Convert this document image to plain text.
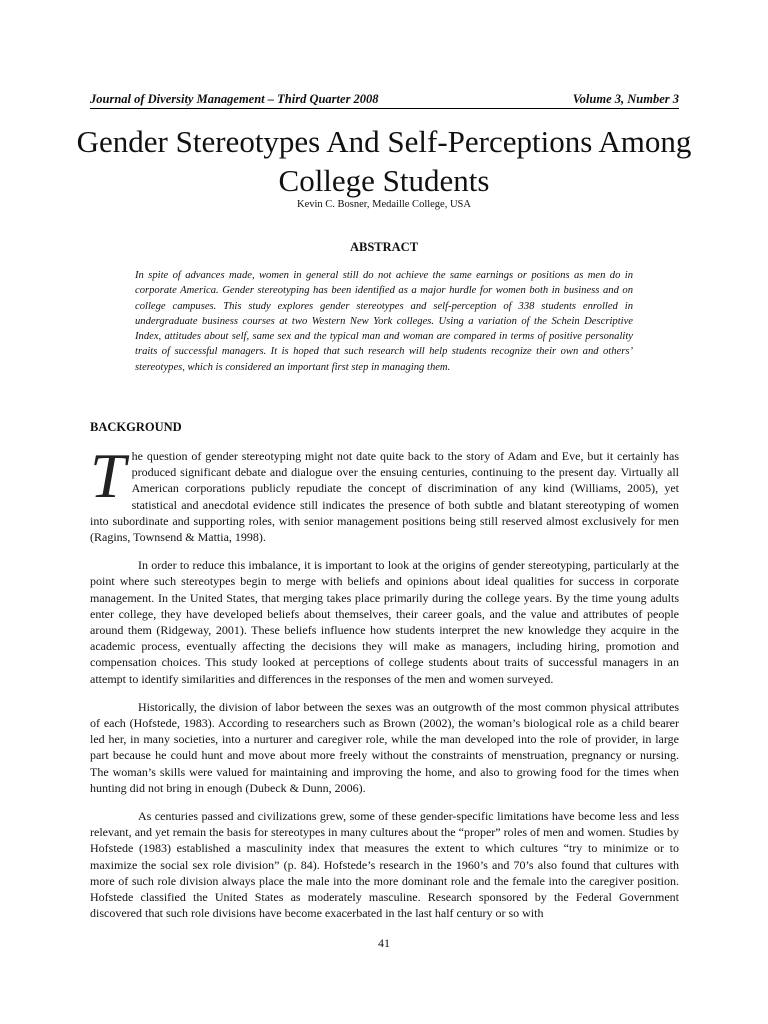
Journal of Diversity Management – Third Quarter 2008	Volume 3, Number 3
Gender Stereotypes And Self-Perceptions Among College Students
Kevin C. Bosner, Medaille College, USA
ABSTRACT

In spite of advances made, women in general still do not achieve the same earnings or positions as men do in corporate America. Gender stereotyping has been identified as a major hurdle for women both in business and on college campuses. This study explores gender stereotypes and self-perception of 338 students enrolled in undergraduate business courses at two Western New York colleges. Using a variation of the Schein Descriptive Index, attitudes about self, same sex and the typical man and woman are compared in terms of positive personality traits of successful managers. It is hoped that such research will help students recognize their own and others’ stereotypes, which is considered an important first step in managing them.

BACKGROUND

The question of gender stereotyping might not date quite back to the story of Adam and Eve, but it certainly has produced significant debate and dialogue over the ensuing centuries, continuing to the present day. Virtually all American corporations publicly repudiate the concept of discrimination of any kind (Williams, 2005), yet statistical and anecdotal evidence still indicates the presence of both subtle and blatant stereotyping of women into subordinate and supporting roles, with senior management positions being still reserved almost exclusively for men (Ragins, Townsend & Mattia, 1998).

In order to reduce this imbalance, it is important to look at the origins of gender stereotyping, particularly at the point where such stereotypes begin to merge with beliefs and opinions about ideal qualities for success in corporate management. In the United States, that merging takes place primarily during the college years. By the time young adults enter college, they have developed beliefs about themselves, their career goals, and the value and attributes of people around them (Ridgeway, 2001). These beliefs influence how students interpret the new knowledge they acquire in the academic process, eventually affecting the decisions they will make as managers, including hiring, promotion and compensation choices. This study looked at perceptions of college students about traits of successful managers in an attempt to identify similarities and differences in the responses of the men and women surveyed.

Historically, the division of labor between the sexes was an outgrowth of the most common physical attributes of each (Hofstede, 1983). According to researchers such as Brown (2002), the woman’s biological role as a child bearer led her, in many societies, into a nurturer and caregiver role, while the man developed into the role of provider, in large part because he could hunt and move about more freely without the constraints of menstruation, pregnancy or nursing. The woman’s skills were valued for maintaining and improving the home, and also to growing food for the times when hunting did not bring in enough (Dubeck & Dunn, 2006).

As centuries passed and civilizations grew, some of these gender-specific limitations have become less and less relevant, and yet remain the basis for stereotypes in many cultures about the “proper” roles of men and women. Studies by Hofstede (1983) established a masculinity index that measures the extent to which cultures “try to minimize or to maximize the social sex role division” (p. 84). Hofstede’s research in the 1960’s and 70’s also found that cultures with more of such role division always place the male into the more dominant role and the female into the caregiver position. Hofstede classified the United States as moderately masculine. Research sponsored by the Federal Government discovered that such role divisions have become exacerbated in the last half century or so with

41
